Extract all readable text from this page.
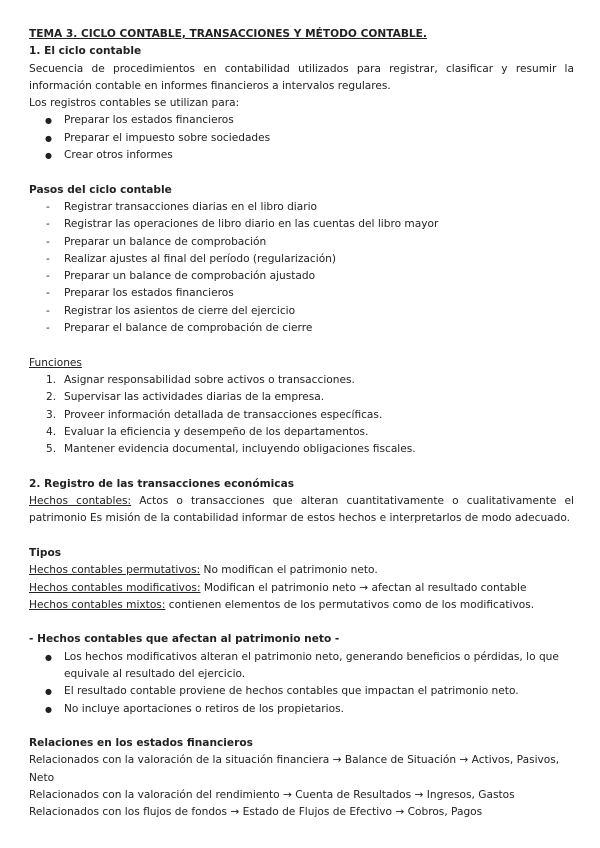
TEMA 3. CICLO CONTABLE, TRANSACCIONES Y MÉTODO CONTABLE.

1. El ciclo contable

Secuencia de procedimientos en contabilidad utilizados para registrar, clasificar y resumir la información contable en informes financieros a intervalos regulares.

Los registros contables se utilizan para:

● Preparar los estados financieros
● Preparar el impuesto sobre sociedades
● Crear otros informes

Pasos del ciclo contable

- Registrar transacciones diarias en el libro diario
- Registrar las operaciones de libro diario en las cuentas del libro mayor
- Preparar un balance de comprobación
- Realizar ajustes al final del período (regularización)
- Preparar un balance de comprobación ajustado
- Preparar los estados financieros
- Registrar los asientos de cierre del ejercicio
- Preparar el balance de comprobación de cierre

Funciones

1. Asignar responsabilidad sobre activos o transacciones.
2. Supervisar las actividades diarias de la empresa.
3. Proveer información detallada de transacciones específicas.
4. Evaluar la eficiencia y desempeño de los departamentos.
5. Mantener evidencia documental, incluyendo obligaciones fiscales.

2. Registro de las transacciones económicas

Hechos contables: Actos o transacciones que alteran cuantitativamente o cualitativamente el patrimonio Es misión de la contabilidad informar de estos hechos e interpretarlos de modo adecuado.

Tipos

Hechos contables permutativos: No modifican el patrimonio neto.

Hechos contables modificativos: Modifican el patrimonio neto → afectan al resultado contable

Hechos contables mixtos: contienen elementos de los permutativos como de los modificativos.

- Hechos contables que afectan al patrimonio neto -

● Los hechos modificativos alteran el patrimonio neto, generando beneficios o pérdidas, lo que equivale al resultado del ejercicio.
● El resultado contable proviene de hechos contables que impactan el patrimonio neto.
● No incluye aportaciones o retiros de los propietarios.

Relaciones en los estados financieros

Relacionados con la valoración de la situación financiera → Balance de Situación → Activos, Pasivos, Neto

Relacionados con la valoración del rendimiento → Cuenta de Resultados → Ingresos, Gastos

Relacionados con los flujos de fondos → Estado de Flujos de Efectivo → Cobros, Pagos
